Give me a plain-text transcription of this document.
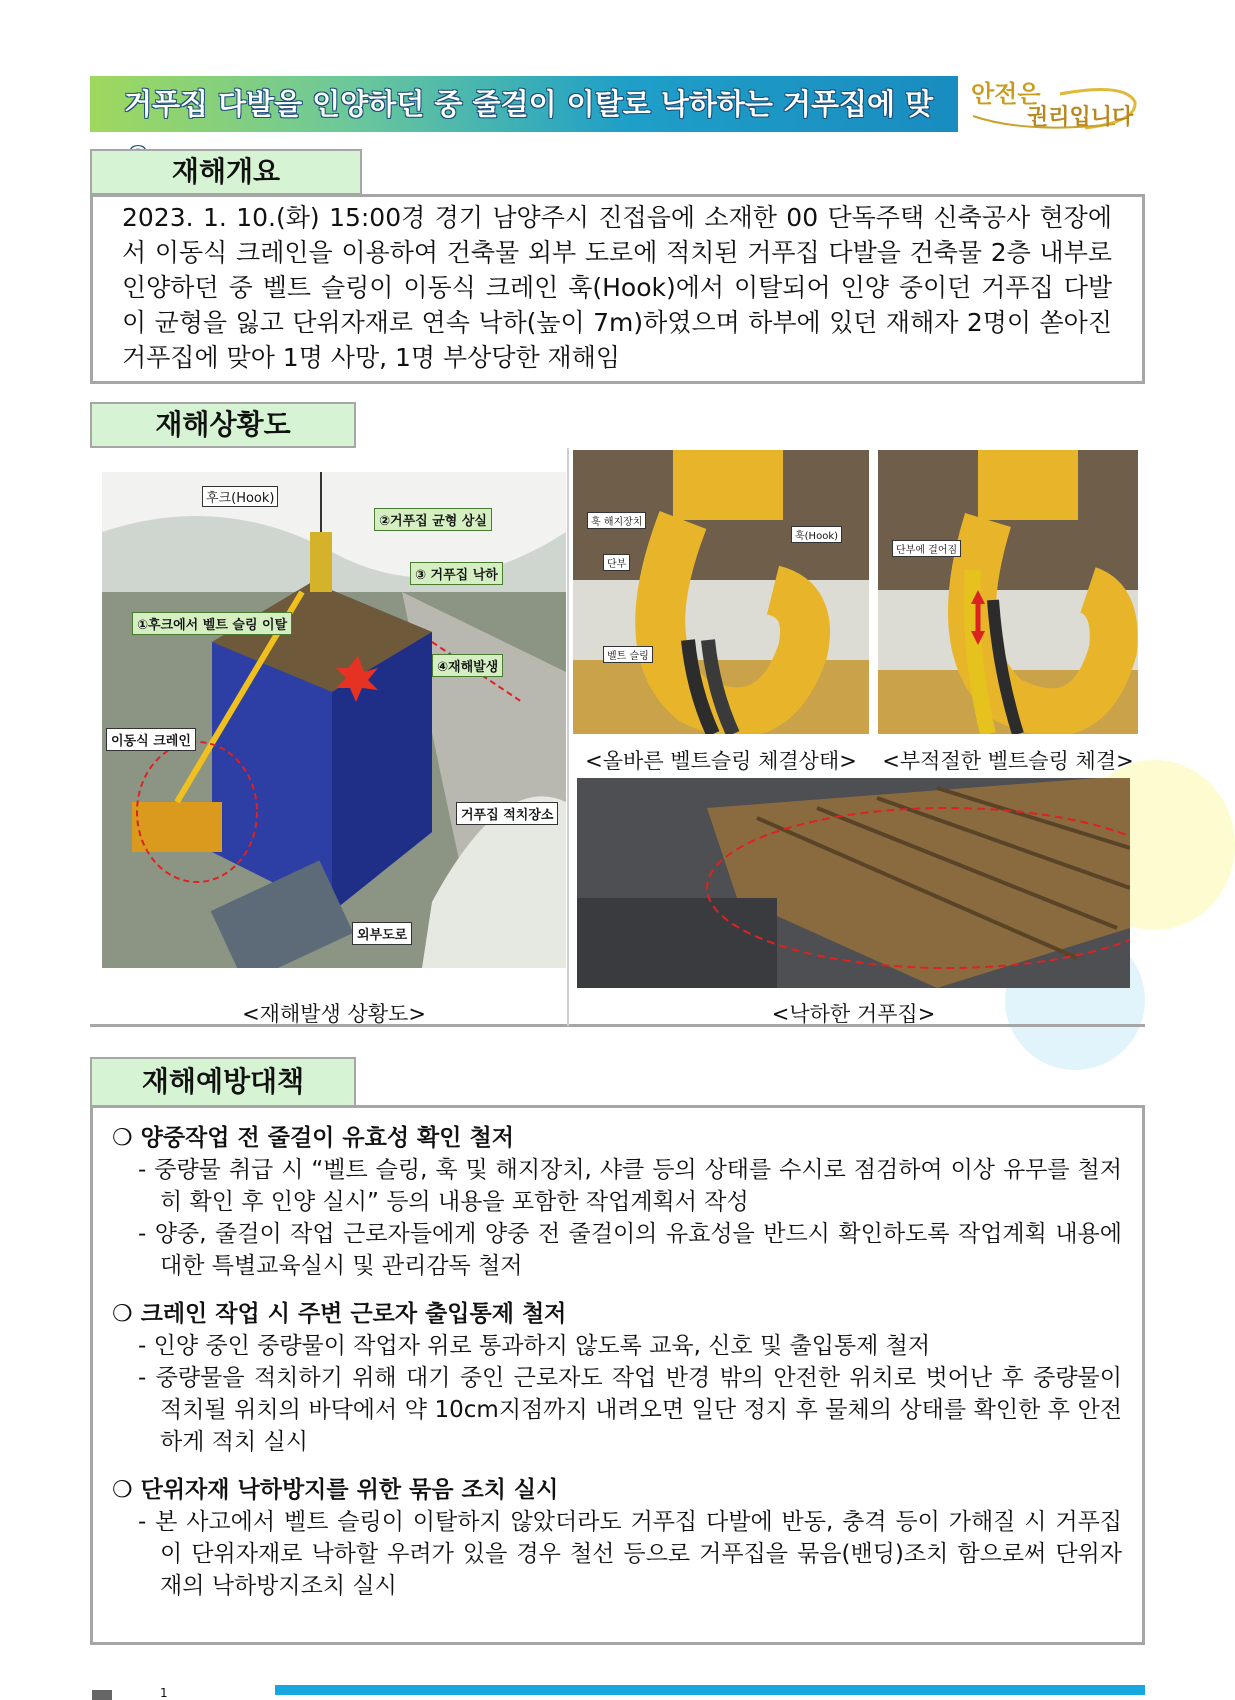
거푸집 다발을 인양하던 중 줄걸이 이탈로 낙하하는 거푸집에 맞	안전은
권리입니다
재해개요
2023. 1. 10.(화) 15:00경 경기 남양주시 진접읍에 소재한 00 단독주택 신축공사 현장에서 이동식 크레인을 이용하여 건축물 외부 도로에 적치된 거푸집 다발을 건축물 2층 내부로 인양하던 중 벨트 슬링이 이동식 크레인 훅(Hook)에서 이탈되어 인양 중이던 거푸집 다발이 균형을 잃고 단위자재로 연속 낙하(높이 7m)하였으며 하부에 있던 재해자 2명이 쏟아진 거푸집에 맞아 1명 사망, 1명 부상당한 재해임
재해상황도
후크(Hook)
②거푸집 균형 상실
③ 거푸집 낙하
①후크에서 벨트 슬링 이탈
④재해발생
이동식 크레인
거푸집 적치장소
외부도로
훅 해지장치
단부
훅(Hook)
벨트 슬링
단부에 걸어짐
<올바른 벨트슬링 체결상태>	<부적절한 벨트슬링 체결>
<재해발생 상황도>	<낙하한 거푸집>
재해예방대책
❍ 양중작업 전 줄걸이 유효성 확인 철저
- 중량물 취급 시 “벨트 슬링, 훅 및 해지장치, 샤클 등의 상태를 수시로 점검하여 이상 유무를 철저히 확인 후 인양 실시” 등의 내용을 포함한 작업계획서 작성
- 양중, 줄걸이 작업 근로자들에게 양중 전 줄걸이의 유효성을 반드시 확인하도록 작업계획 내용에 대한 특별교육실시 및 관리감독 철저
❍ 크레인 작업 시 주변 근로자 출입통제 철저
- 인양 중인 중량물이 작업자 위로 통과하지 않도록 교육, 신호 및 출입통제 철저
- 중량물을 적치하기 위해 대기 중인 근로자도 작업 반경 밖의 안전한 위치로 벗어난 후 중량물이 적치될 위치의 바닥에서 약 10cm지점까지 내려오면 일단 정지 후 물체의 상태를 확인한 후 안전하게 적치 실시
❍ 단위자재 낙하방지를 위한 묶음 조치 실시
- 본 사고에서 벨트 슬링이 이탈하지 않았더라도 거푸집 다발에 반동, 충격 등이 가해질 시 거푸집이 단위자재로 낙하할 우려가 있을 경우 철선 등으로 거푸집을 묶음(밴딩)조치 함으로써 단위자재의 낙하방지조치 실시
1
